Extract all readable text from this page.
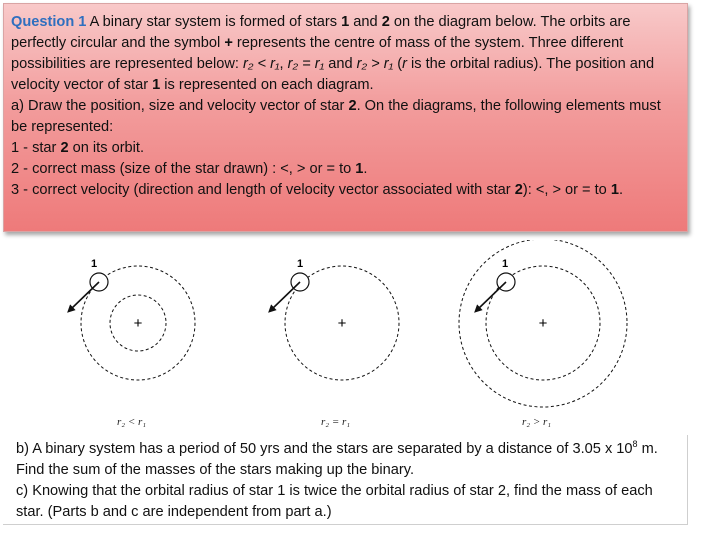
Question 1 A binary star system is formed of stars 1 and 2 on the diagram below. The orbits are perfectly circular and the symbol + represents the centre of mass of the system. Three different possibilities are represented below: r₂ < r₁, r₂ = r₁ and r₂ > r₁ (r is the orbital radius). The position and velocity vector of star 1 is represented on each diagram.

a) Draw the position, size and velocity vector of star 2. On the diagrams, the following elements must be represented:

1 - star 2 on its orbit.

2 - correct mass (size of the star drawn) : <, > or = to 1.

3 - correct velocity (direction and length of velocity vector associated with star 2): <, > or = to 1.

1
+
1
+
1
+
r₂ < r₁	r₂ = r₁	r₂ > r₁

b) A binary system has a period of 50 yrs and the stars are separated by a distance of 3.05 x $10^8$ m. Find the sum of the masses of the stars making up the binary.

c) Knowing that the orbital radius of star 1 is twice the orbital radius of star 2, find the mass of each star. (Parts b and c are independent from part a.)
